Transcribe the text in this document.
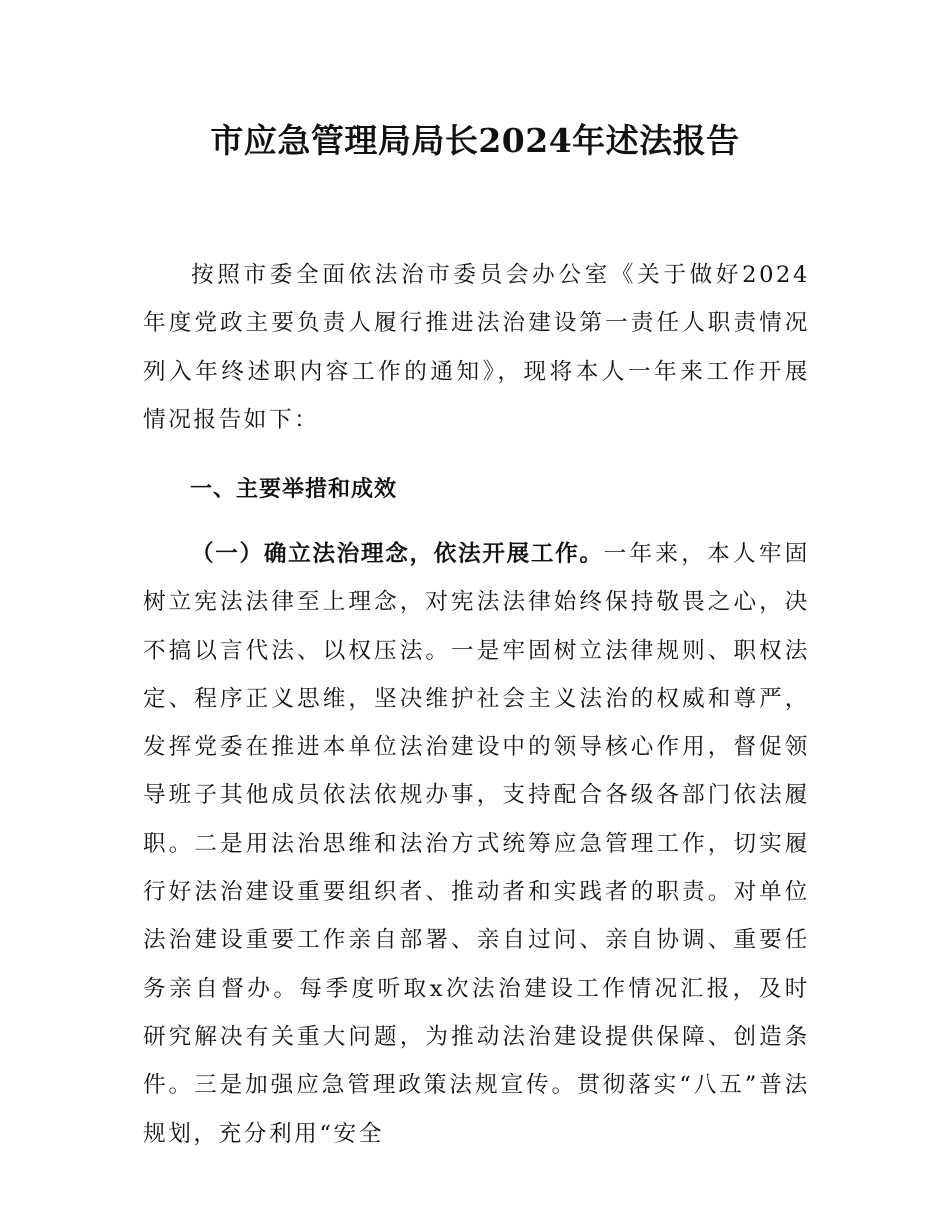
市应急管理局局长2024年述法报告

按照市委全面依法治市委员会办公室《关于做好2024年度党政主要负责人履行推进法治建设第一责任人职责情况列入年终述职内容工作的通知》，现将本人一年来工作开展情况报告如下：

一、主要举措和成效

（一）确立法治理念，依法开展工作。一年来，本人牢固树立宪法法律至上理念，对宪法法律始终保持敬畏之心，决不搞以言代法、以权压法。一是牢固树立法律规则、职权法定、程序正义思维，坚决维护社会主义法治的权威和尊严，发挥党委在推进本单位法治建设中的领导核心作用，督促领导班子其他成员依法依规办事，支持配合各级各部门依法履职。二是用法治思维和法治方式统筹应急管理工作，切实履行好法治建设重要组织者、推动者和实践者的职责。对单位法治建设重要工作亲自部署、亲自过问、亲自协调、重要任务亲自督办。每季度听取x次法治建设工作情况汇报，及时研究解决有关重大问题，为推动法治建设提供保障、创造条件。三是加强应急管理政策法规宣传。贯彻落实“八五”普法规划，充分利用“安全
